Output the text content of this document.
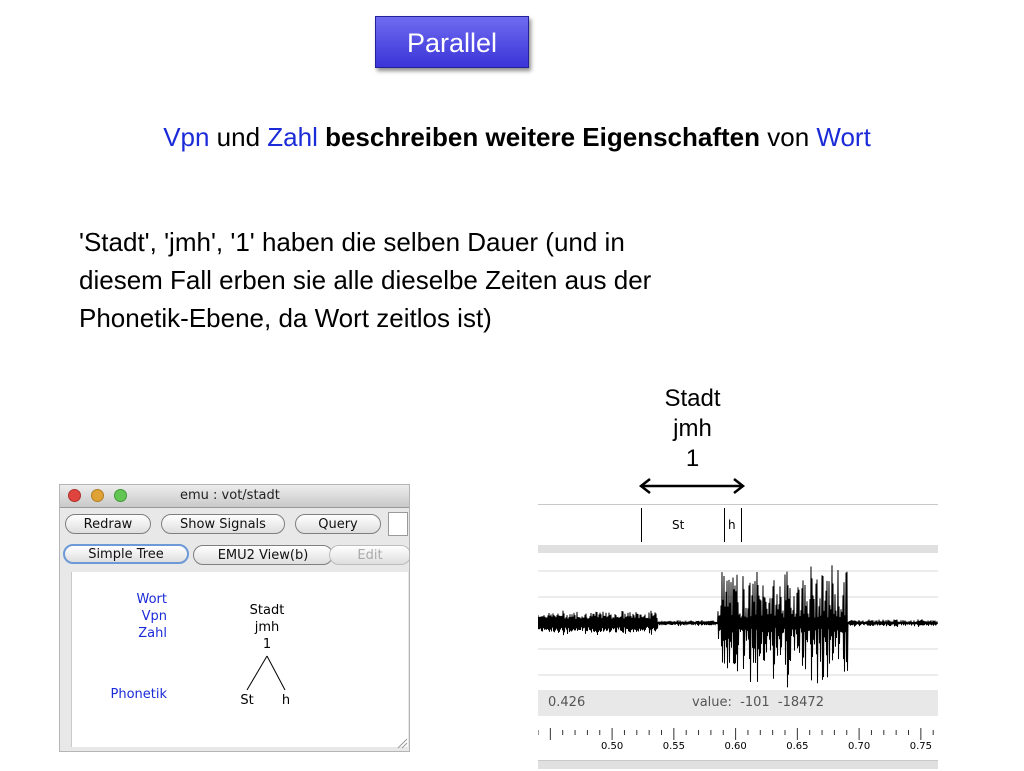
Parallel
Vpn und Zahl beschreiben weitere Eigenschaften von Wort
'Stadt', 'jmh', '1' haben die selben Dauer (und in
diesem Fall erben sie alle dieselbe Zeiten aus der
Phonetik-Ebene, da Wort zeitlos ist)
Stadt
jmh
1
emu : vot/stadt
Redraw	Show Signals	Query
Simple Tree	EMU2 View(b)	Edit
Wort
Vpn
Zahl
Phonetik
Stadt
jmh
1
St	h
St	h
0.426	value:  -101  -18472
0.50	0.55	0.60	0.65	0.70	0.75
